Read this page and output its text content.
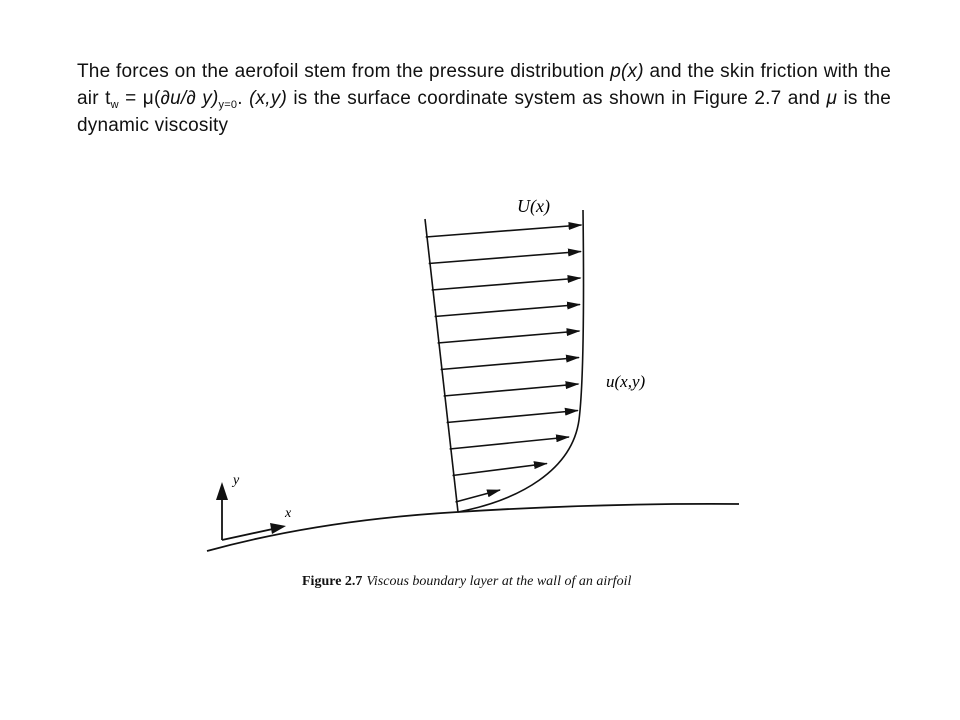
The forces on the aerofoil stem from the pressure distribution p(x) and the skin friction with the air $t_w = \mu(\partial u/\partial$ $y)_{y=0}$. (x,y) is the surface coordinate system as shown in Figure 2.7 and μ is the dynamic viscosity

y
x
U(x)
u(x,y)
Figure 2.7 Viscous boundary layer at the wall of an airfoil
